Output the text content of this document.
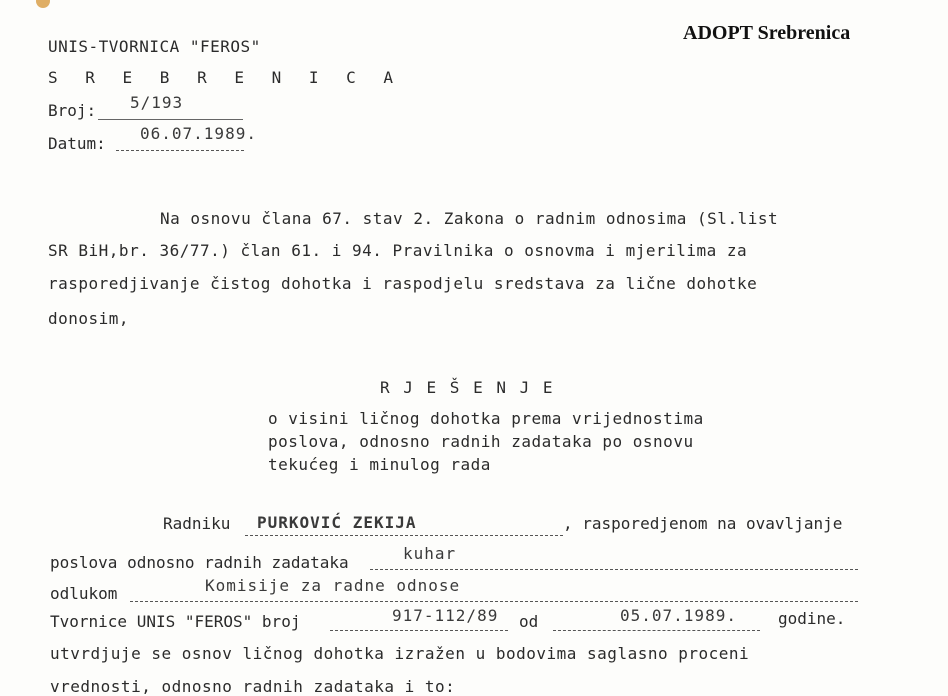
ADOPT Srebrenica
UNIS-TVORNICA "FEROS"
S R E B R E N I C A
Broj: 5/193
Datum:
06.07.1989.
Na osnovu člana 67. stav 2. Zakona o radnim odnosima (Sl.list
SR BiH,br. 36/77.) član 61. i 94. Pravilnika o osnovma i mjerilima za
rasporedjivanje čistog dohotka i raspodjelu sredstava za lične dohotke
donosim,
R J E Š E N J E
o visini ličnog dohotka prema vrijednostima
poslova, odnosno radnih zadataka po osnovu
tekućeg i minulog rada
Radniku PURKOVIĆ ZEKIJA	, rasporedjenom na ovavljanje
poslova odnosno radnih zadataka	kuhar
odlukom	Komisije za radne odnose
Tvornice UNIS "FEROS" broj	917-112/89 od	05.07.1989.	godine.
utvrdjuje se osnov ličnog dohotka izražen u bodovima saglasno proceni
vrednosti, odnosno radnih zadataka i to:
